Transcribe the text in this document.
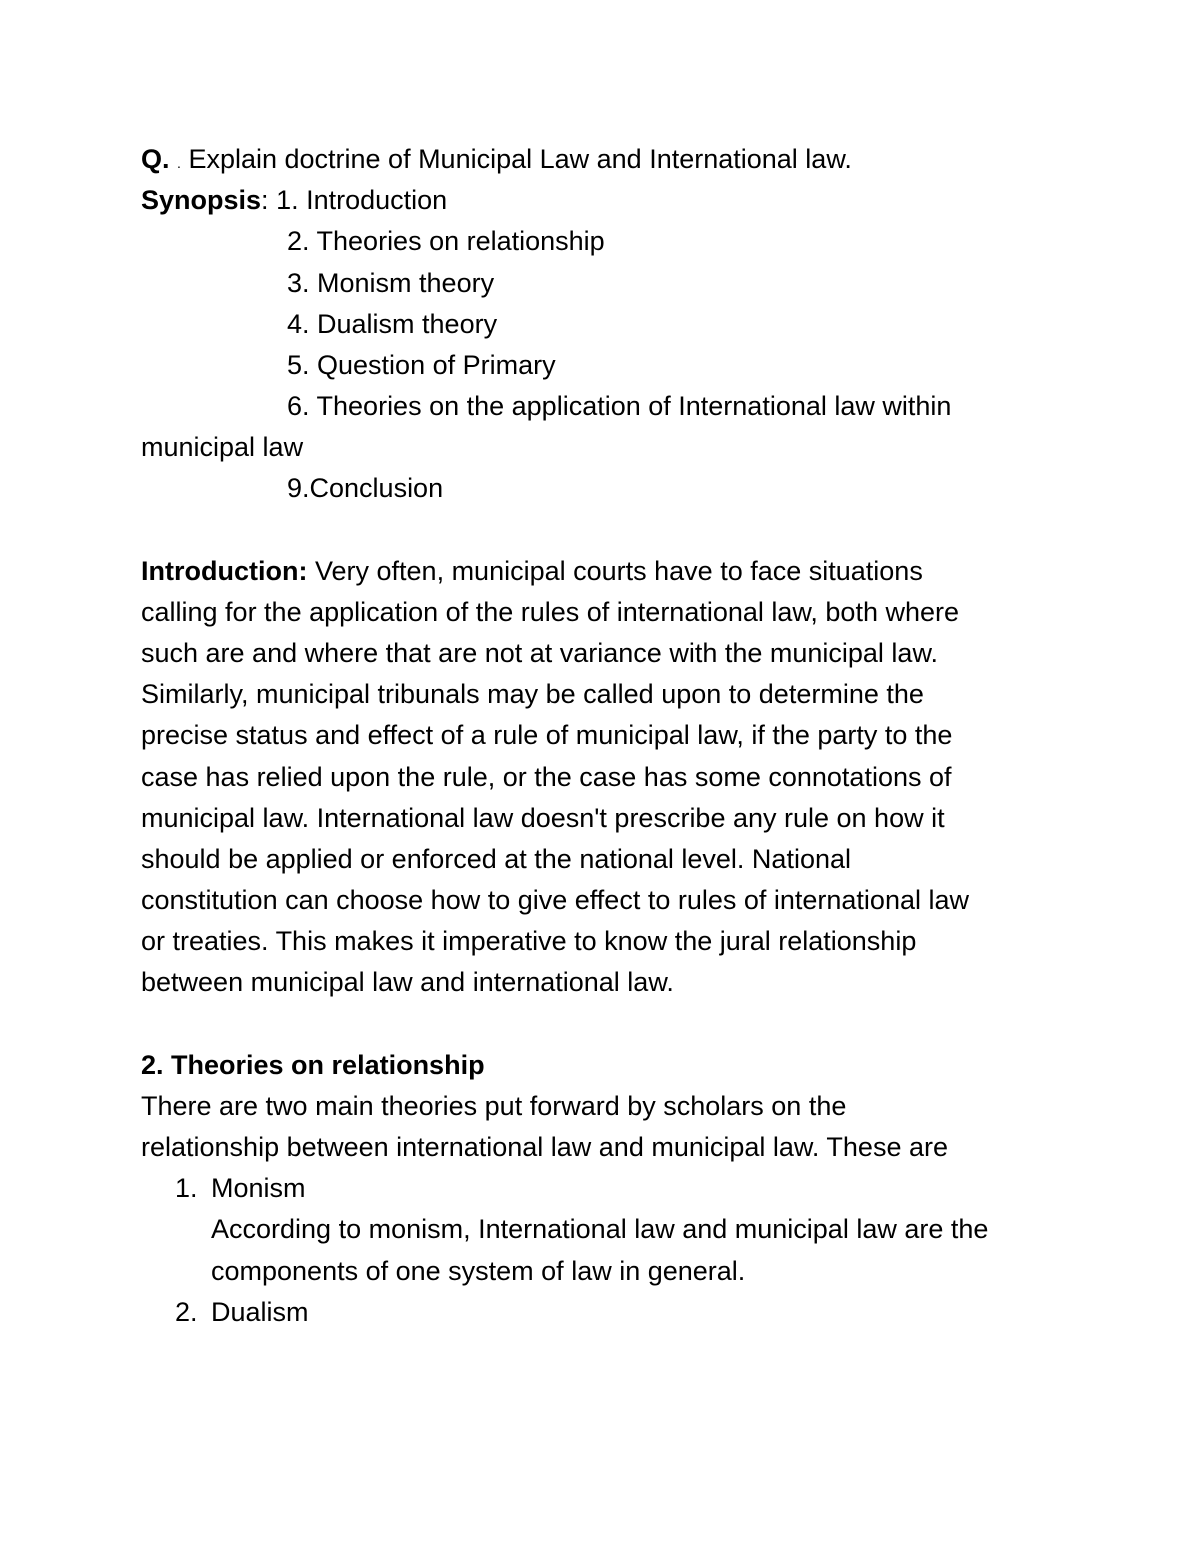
Q. . Explain doctrine of Municipal Law and International law.

Synopsis: 1. Introduction

2. Theories on relationship

3. Monism theory

4. Dualism theory

5. Question of Primary

6. Theories on the application of International law within

municipal law

9.Conclusion

Introduction: Very often, municipal courts have to face situations

calling for the application of the rules of international law, both where

such are and where that are not at variance with the municipal law.

Similarly, municipal tribunals may be called upon to determine the

precise status and effect of a rule of municipal law, if the party to the

case has relied upon the rule, or the case has some connotations of

municipal law. International law doesn't prescribe any rule on how it

should be applied or enforced at the national level. National

constitution can choose how to give effect to rules of international law

or treaties. This makes it imperative to know the jural relationship

between municipal law and international law.

2. Theories on relationship

There are two main theories put forward by scholars on the

relationship between international law and municipal law. These are

1. Monism
According to monism, International law and municipal law are the
components of one system of law in general.
2. Dualism
